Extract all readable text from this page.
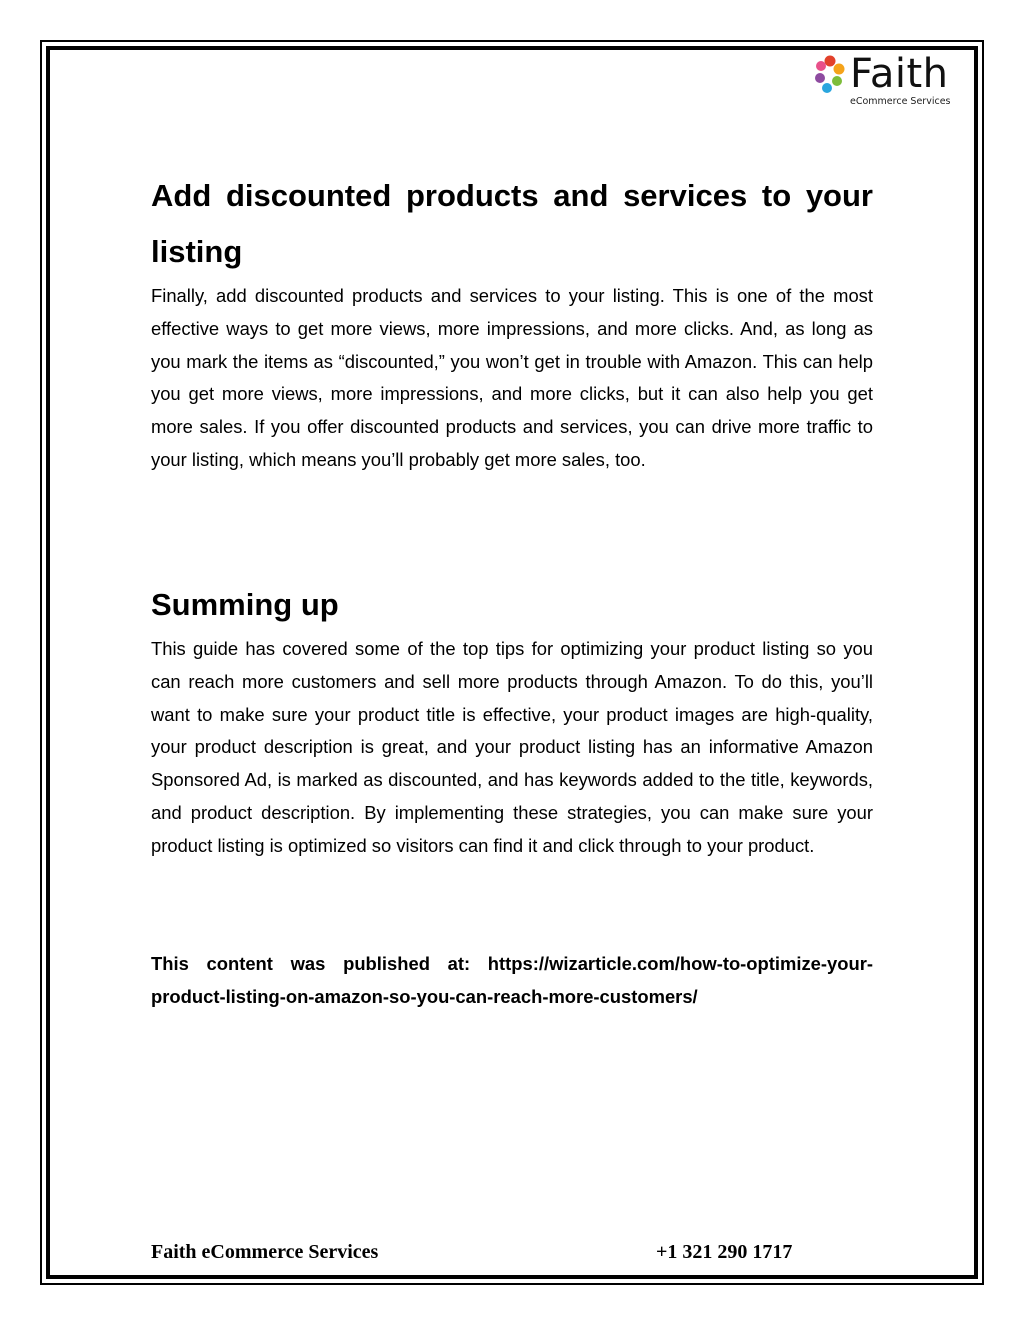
Faith
eCommerce Services
Add discounted products and services to your listing

Finally, add discounted products and services to your listing. This is one of the most effective ways to get more views, more impressions, and more clicks. And, as long as you mark the items as “discounted,” you won’t get in trouble with Amazon. This can help you get more views, more impressions, and more clicks, but it can also help you get more sales. If you offer discounted products and services, you can drive more traffic to your listing, which means you’ll probably get more sales, too.

Summing up

This guide has covered some of the top tips for optimizing your product listing so you can reach more customers and sell more products through Amazon. To do this, you’ll want to make sure your product title is effective, your product images are high-quality, your product description is great, and your product listing has an informative Amazon Sponsored Ad, is marked as discounted, and has keywords added to the title, keywords, and product description. By implementing these strategies, you can make sure your product listing is optimized so visitors can find it and click through to your product.

This content was published at: https://wizarticle.com/how-to-optimize-your-product-listing-on-amazon-so-you-can-reach-more-customers/

Faith eCommerce Services	+1 321 290 1717
